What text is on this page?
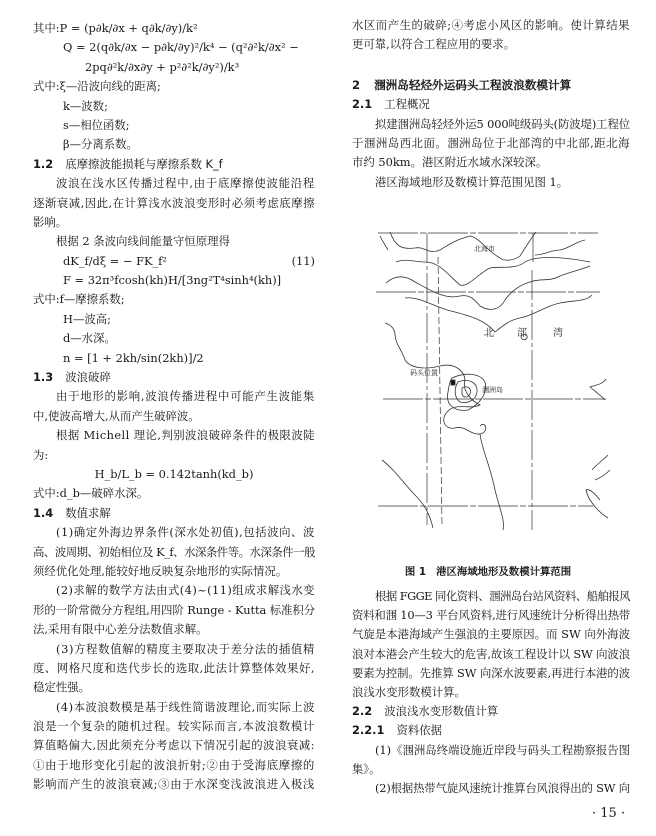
其中:P = (p∂k/∂x + q∂k/∂y)/k²
Q = 2(q∂k/∂x − p∂k/∂y)²/k⁴ − (q²∂²k/∂x² −
2pq∂²k/∂x∂y + p²∂²k/∂y²)/k³
式中:ξ—沿波向线的距离;
k—波数;
s—相位函数;
β—分离系数。
1.2 底摩擦波能损耗与摩擦系数 K_f
波浪在浅水区传播过程中,由于底摩擦使波能沿程
逐渐衰减,因此,在计算浅水波浪变形时必须考虑底摩擦
影响。
根据 2 条波向线间能量守恒原理得
dK_f/dξ = − FK_f²	(11)
F = 32π³fcosh(kh)H/[3ng²T⁴sinh⁴(kh)]
式中:f—摩擦系数;
H—波高;
d—水深。
n = [1 + 2kh/sin(2kh)]/2
1.3 波浪破碎
由于地形的影响,波浪传播进程中可能产生波能集
中,使波高增大,从而产生破碎波。
根据 Michell 理论,判别波浪破碎条件的极限波陡
为:
H_b/L_b = 0.142tanh(kd_b)
式中:d_b—破碎水深。
1.4 数值求解
(1)确定外海边界条件(深水处初值),包括波向、波
高、波周期、初始相位及 K_f、水深条件等。水深条件一般
须经优化处理,能较好地反映复杂地形的实际情况。
(2)求解的数学方法由式(4)~(11)组成求解浅水变
形的一阶常微分方程组,用四阶 Runge - Kutta 标准积分
法,采用有限中心差分法数值求解。
(3)方程数值解的精度主要取决于差分法的插值精
度、网格尺度和迭代步长的选取,此法计算整体效果好,
稳定性强。
(4)本波浪数模是基于线性简谐波理论,而实际上波
浪是一个复杂的随机过程。较实际而言,本波浪数模计
算值略偏大,因此须充分考虑以下情况引起的波浪衰减:
①由于地形变化引起的波浪折射;②由于受海底摩擦的
影响而产生的波浪衰减;③由于水深变浅波浪进入极浅
水区而产生的破碎;④考虑小风区的影响。使计算结果
更可靠,以符合工程应用的要求。
2 涠洲岛轻烃外运码头工程波浪数模计算
2.1 工程概况
拟建涠洲岛轻烃外运5 000吨级码头(防波堤)工程位
于涠洲岛西北面。涠洲岛位于北部湾的中北部,距北海
市约 50km。港区附近水域水深较深。
港区海域地形及数模计算范围见图 1。
北海市
北 部	湾
码头位置
涠洲岛
图 1 港区海域地形及数模计算范围
根据 FGGE 同化资料、涠洲岛台站风资料、船舶报风
资料和涠 10—3 平台风资料,进行风速统计分析得出热带
气旋是本港海域产生强浪的主要原因。而 SW 向外海波
浪对本港会产生较大的危害,故该工程设计以 SW 向波浪
要素为控制。先推算 SW 向深水波要素,再进行本港的波
浪浅水变形数模计算。
2.2 波浪浅水变形数值计算
2.2.1 资料依据
(1)《涠洲岛终端设施近岸段与码头工程勘察报告图
集》。
(2)根据热带气旋风速统计推算台风浪得出的 SW 向
· 15 ·
